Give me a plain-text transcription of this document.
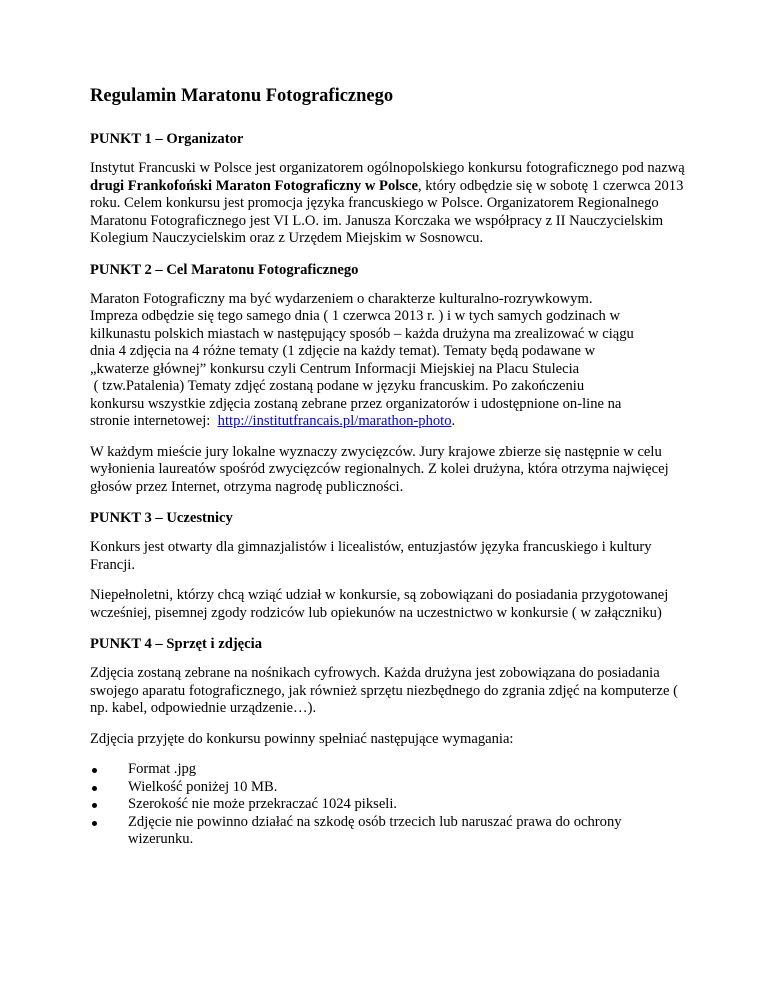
Regulamin Maratonu Fotograficznego
PUNKT 1 – Organizator

Instytut Francuski w Polsce jest organizatorem ogólnopolskiego konkursu fotograficznego pod nazwą drugi Frankofoński Maraton Fotograficzny w Polsce, który odbędzie się w sobotę 1 czerwca 2013 roku. Celem konkursu jest promocja języka francuskiego w Polsce. Organizatorem Regionalnego Maratonu Fotograficznego jest VI L.O. im. Janusza Korczaka we współpracy z II Nauczycielskim Kolegium Nauczycielskim oraz z Urzędem Miejskim w Sosnowcu.

PUNKT 2 – Cel Maratonu Fotograficznego

Maraton Fotograficzny ma być wydarzeniem o charakterze kulturalno-rozrywkowym.
Impreza odbędzie się tego samego dnia ( 1 czerwca 2013 r. ) i w tych samych godzinach w
kilkunastu polskich miastach w następujący sposób – każda drużyna ma zrealizować w ciągu
dnia 4 zdjęcia na 4 różne tematy (1 zdjęcie na każdy temat). Tematy będą podawane w
„kwaterze głównej” konkursu czyli Centrum Informacji Miejskiej na Placu Stulecia
( tzw.Patalenia) Tematy zdjęć zostaną podane w języku francuskim. Po zakończeniu
konkursu wszystkie zdjęcia zostaną zebrane przez organizatorów i udostępnione on-line na
stronie internetowej:  http://institutfrancais.pl/marathon-photo.

W każdym mieście jury lokalne wyznaczy zwycięzców. Jury krajowe zbierze się następnie w celu wyłonienia laureatów spośród zwycięzców regionalnych. Z kolei drużyna, która otrzyma najwięcej głosów przez Internet, otrzyma nagrodę publiczności.

PUNKT 3 – Uczestnicy

Konkurs jest otwarty dla gimnazjalistów i licealistów, entuzjastów języka francuskiego i kultury Francji.

Niepełnoletni, którzy chcą wziąć udział w konkursie, są zobowiązani do posiadania przygotowanej wcześniej, pisemnej zgody rodziców lub opiekunów na uczestnictwo w konkursie ( w załączniku)

PUNKT 4 – Sprzęt i zdjęcia

Zdjęcia zostaną zebrane na nośnikach cyfrowych. Każda drużyna jest zobowiązana do posiadania swojego aparatu fotograficznego, jak również sprzętu niezbędnego do zgrania zdjęć na komputerze ( np. kabel, odpowiednie urządzenie…).

Zdjęcia przyjęte do konkursu powinny spełniać następujące wymagania:

Format .jpg
Wielkość poniżej 10 MB.
Szerokość nie może przekraczać 1024 pikseli.
Zdjęcie nie powinno działać na szkodę osób trzecich lub naruszać prawa do ochrony wizerunku.
